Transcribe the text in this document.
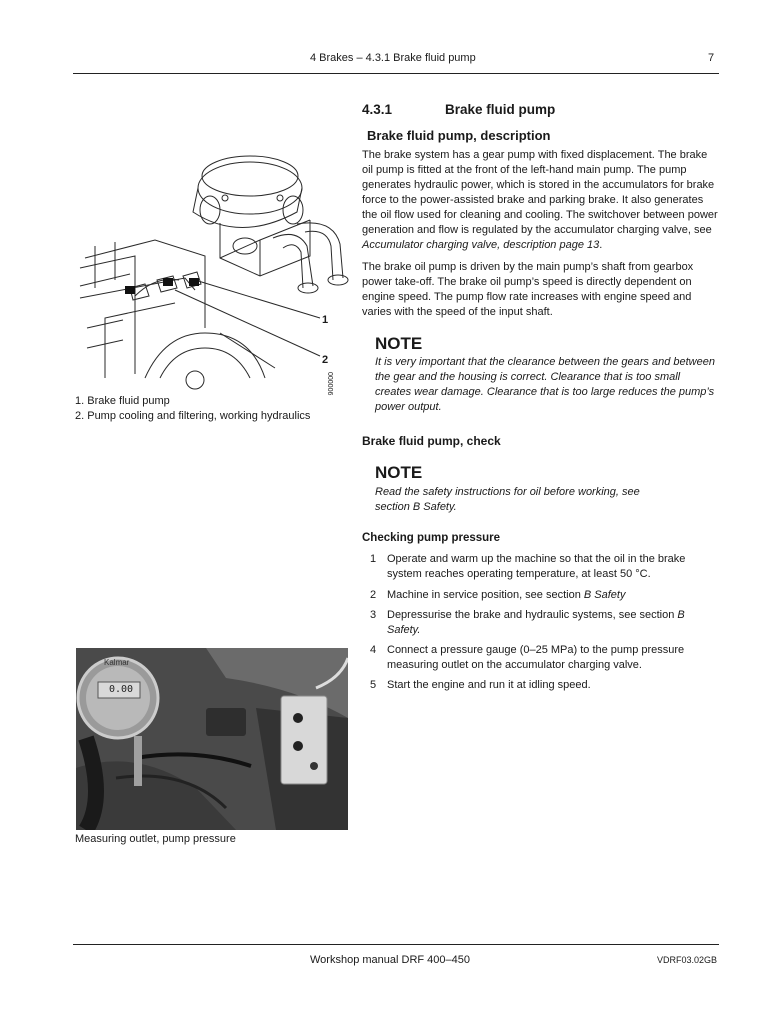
4 Brakes – 4.3.1 Brake fluid pump	7
1
2
000006
1. Brake fluid pump
2. Pump cooling and filtering, working hydraulics
4.3.1	Brake fluid pump
Brake fluid pump, description
The brake system has a gear pump with fixed displacement. The brake oil pump is fitted at the front of the left-hand main pump. The pump generates hydraulic power, which is stored in the accumulators for brake force to the power-assisted brake and parking brake. It also generates the oil flow used for cleaning and cooling. The switchover between power generation and flow is regulated by the accumulator charging valve, see Accumulator charging valve, description page 13.
The brake oil pump is driven by the main pump’s shaft from gearbox power take-off. The brake oil pump’s speed is directly dependent on engine speed. The pump flow rate increases with engine speed and varies with the speed of the input shaft.
NOTE
It is very important that the clearance between the gears and between the gear and the housing is correct. Clearance that is too small creates wear damage. Clearance that is too large reduces the pump’s power output.
Brake fluid pump, check
NOTE
Read the safety instructions for oil before working, see section B Safety.
Checking pump pressure
1 Operate and warm up the machine so that the oil in the brake system reaches operating temperature, at least 50 °C.
2 Machine in service position, see section B Safety
3 Depressurise the brake and hydraulic systems, see section B Safety.
4 Connect a pressure gauge (0–25 MPa) to the pump pressure measuring outlet on the accumulator charging valve.
5 Start the engine and run it at idling speed.
Kalmar
0.00
Measuring outlet, pump pressure
Workshop manual DRF 400–450	VDRF03.02GB
